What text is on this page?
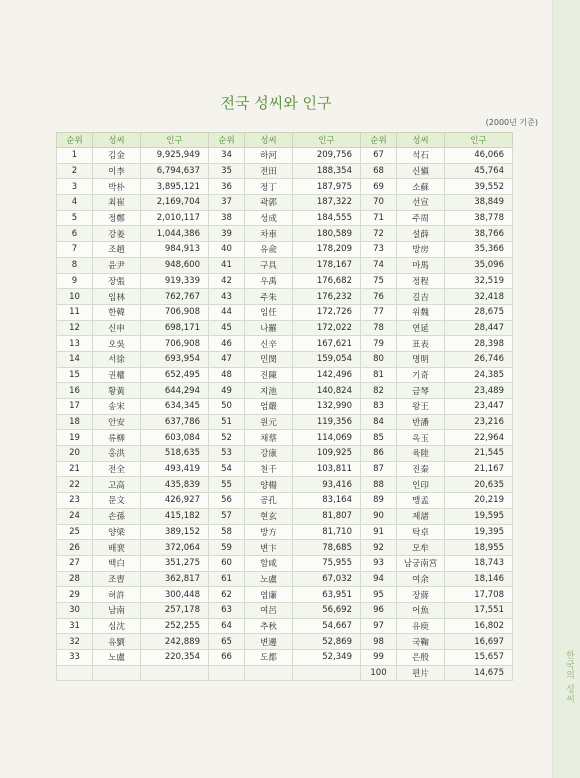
한국의 성씨
전국 성씨와 인구
(2000년 기준)
순위	성씨	인구	순위	성씨	인구	순위	성씨	인구
1	김金	9,925,949	34	하河	209,756	67	석石	46,066
2	이李	6,794,637	35	전田	188,354	68	신愼	45,764
3	박朴	3,895,121	36	정丁	187,975	69	소蘇	39,552
4	최崔	2,169,704	37	곽郭	187,322	70	선宣	38,849
5	정鄭	2,010,117	38	성成	184,555	71	주周	38,778
6	강姜	1,044,386	39	차車	180,589	72	설薛	38,766
7	조趙	984,913	40	유兪	178,209	73	방房	35,366
8	윤尹	948,600	41	구具	178,167	74	마馬	35,096
9	장張	919,339	42	우禹	176,682	75	정程	32,519
10	임林	762,767	43	주朱	176,232	76	길吉	32,418
11	한韓	706,908	44	임任	172,726	77	위魏	28,675
12	신申	698,171	45	나羅	172,022	78	연延	28,447
13	오吳	706,908	46	신辛	167,621	79	표表	28,398
14	서徐	693,954	47	민閔	159,054	80	명明	26,746
15	권權	652,495	48	진陳	142,496	81	기奇	24,385
16	황黃	644,294	49	지池	140,824	82	금琴	23,489
17	송宋	634,345	50	엄嚴	132,990	83	왕王	23,447
18	안安	637,786	51	원元	119,356	84	반潘	23,216
19	류柳	603,084	52	채蔡	114,069	85	옥玉	22,964
20	홍洪	518,635	53	강康	109,925	86	육陸	21,545
21	전全	493,419	54	천千	103,811	87	진秦	21,167
22	고高	435,839	55	양楊	93,416	88	인印	20,635
23	문文	426,927	56	공孔	83,164	89	맹孟	20,219
24	손孫	415,182	57	현玄	81,807	90	제諸	19,595
25	양梁	389,152	58	방方	81,710	91	탁卓	19,395
26	배裵	372,064	59	변卞	78,685	92	모牟	18,955
27	백白	351,275	60	함咸	75,955	93	남궁南宮	18,743
28	조曺	362,817	61	노盧	67,032	94	여余	18,146
29	허許	300,448	62	염廉	63,951	95	장蔣	17,708
30	남南	257,178	63	여呂	56,692	96	어魚	17,551
31	심沈	252,255	64	추秋	54,667	97	유庾	16,802
32	유劉	242,889	65	변邊	52,869	98	국鞠	16,697
33	노盧	220,354	66	도都	52,349	99	은殷	15,657
						100	편片	14,675
